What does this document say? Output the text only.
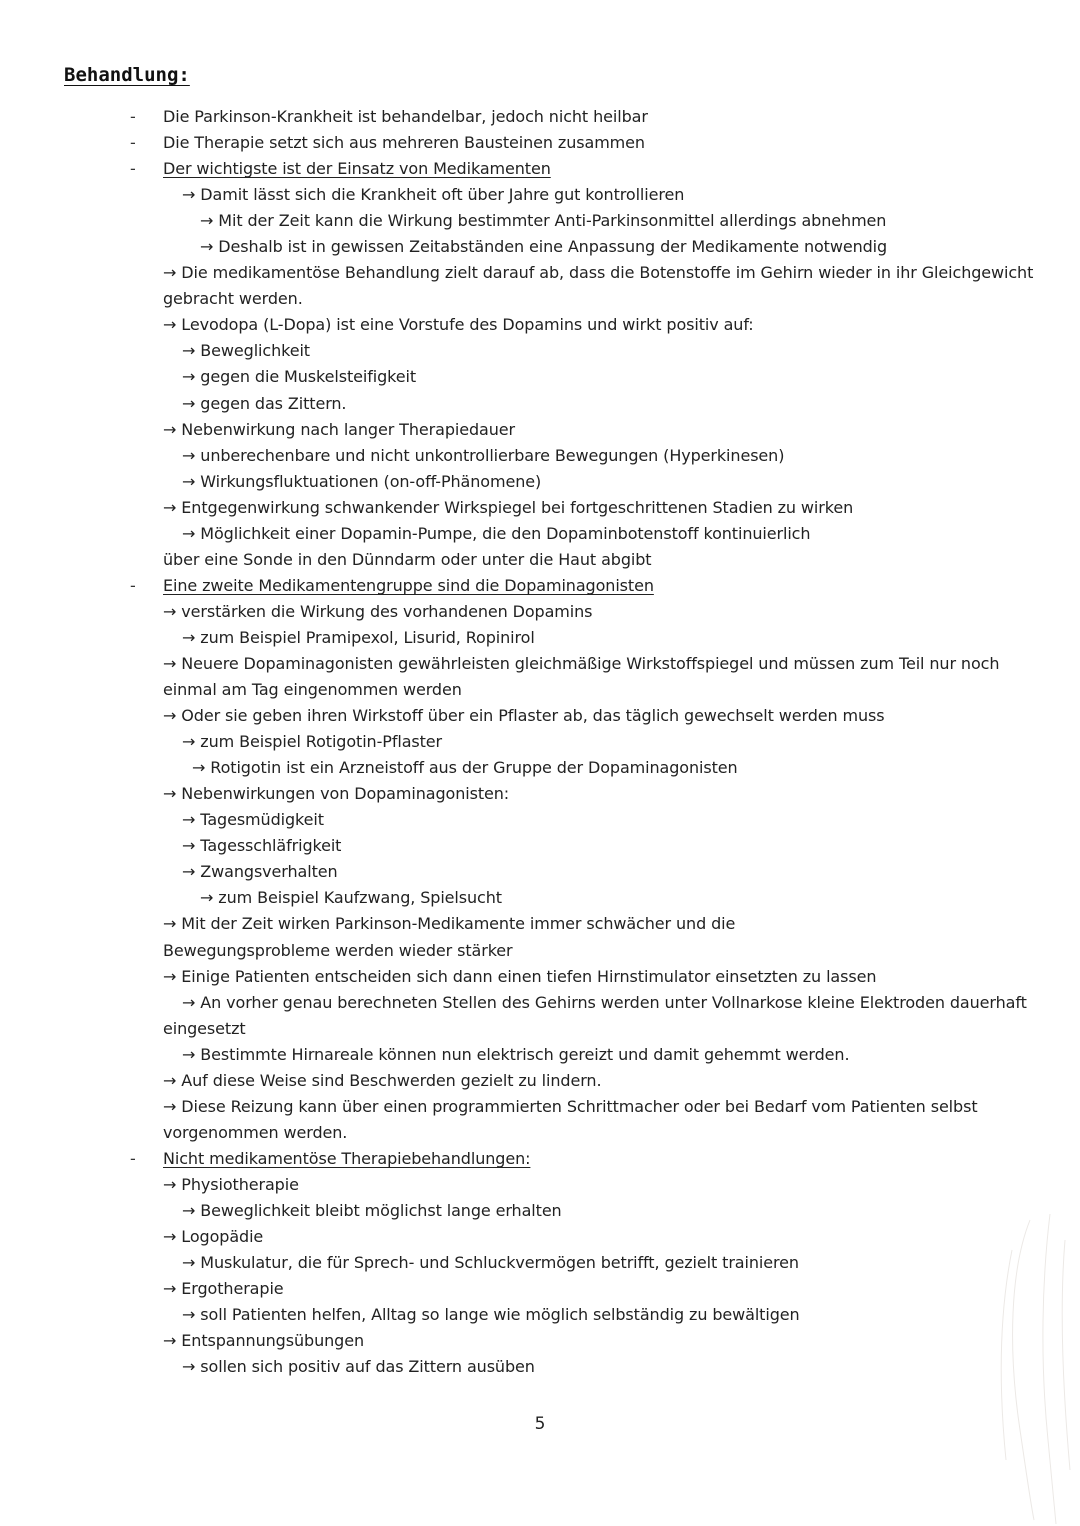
Behandlung:
- Die Parkinson-Krankheit ist behandelbar, jedoch nicht heilbar
- Die Therapie setzt sich aus mehreren Bausteinen zusammen
- Der wichtigste ist der Einsatz von Medikamenten
→ Damit lässt sich die Krankheit oft über Jahre gut kontrollieren
→ Mit der Zeit kann die Wirkung bestimmter Anti-Parkinsonmittel allerdings abnehmen
→ Deshalb ist in gewissen Zeitabständen eine Anpassung der Medikamente notwendig
→ Die medikamentöse Behandlung zielt darauf ab, dass die Botenstoffe im Gehirn wieder in ihr Gleichgewicht
gebracht werden.
→ Levodopa (L-Dopa) ist eine Vorstufe des Dopamins und wirkt positiv auf:
→ Beweglichkeit
→ gegen die Muskelsteifigkeit
→ gegen das Zittern.
→ Nebenwirkung nach langer Therapiedauer
→ unberechenbare und nicht unkontrollierbare Bewegungen (Hyperkinesen)
→ Wirkungsfluktuationen (on-off-Phänomene)
→ Entgegenwirkung schwankender Wirkspiegel bei fortgeschrittenen Stadien zu wirken
→ Möglichkeit einer Dopamin-Pumpe, die den Dopaminbotenstoff kontinuierlich
über eine Sonde in den Dünndarm oder unter die Haut abgibt
- Eine zweite Medikamentengruppe sind die Dopaminagonisten
→ verstärken die Wirkung des vorhandenen Dopamins
→ zum Beispiel Pramipexol, Lisurid, Ropinirol
→ Neuere Dopaminagonisten gewährleisten gleichmäßige Wirkstoffspiegel und müssen zum Teil nur noch
einmal am Tag eingenommen werden
→ Oder sie geben ihren Wirkstoff über ein Pflaster ab, das täglich gewechselt werden muss
→ zum Beispiel Rotigotin-Pflaster
→ Rotigotin ist ein Arzneistoff aus der Gruppe der Dopaminagonisten
→ Nebenwirkungen von Dopaminagonisten:
→ Tagesmüdigkeit
→ Tagesschläfrigkeit
→ Zwangsverhalten
→ zum Beispiel Kaufzwang, Spielsucht
→ Mit der Zeit wirken Parkinson-Medikamente immer schwächer und die
Bewegungsprobleme werden wieder stärker
→ Einige Patienten entscheiden sich dann einen tiefen Hirnstimulator einsetzten zu lassen
→ An vorher genau berechneten Stellen des Gehirns werden unter Vollnarkose kleine Elektroden dauerhaft
eingesetzt
→ Bestimmte Hirnareale können nun elektrisch gereizt und damit gehemmt werden.
→ Auf diese Weise sind Beschwerden gezielt zu lindern.
→ Diese Reizung kann über einen programmierten Schrittmacher oder bei Bedarf vom Patienten selbst
vorgenommen werden.
- Nicht medikamentöse Therapiebehandlungen:
→ Physiotherapie
→ Beweglichkeit bleibt möglichst lange erhalten
→ Logopädie
→ Muskulatur, die für Sprech- und Schluckvermögen betrifft, gezielt trainieren
→ Ergotherapie
→ soll Patienten helfen, Alltag so lange wie möglich selbständig zu bewältigen
→ Entspannungsübungen
→ sollen sich positiv auf das Zittern ausüben
5
